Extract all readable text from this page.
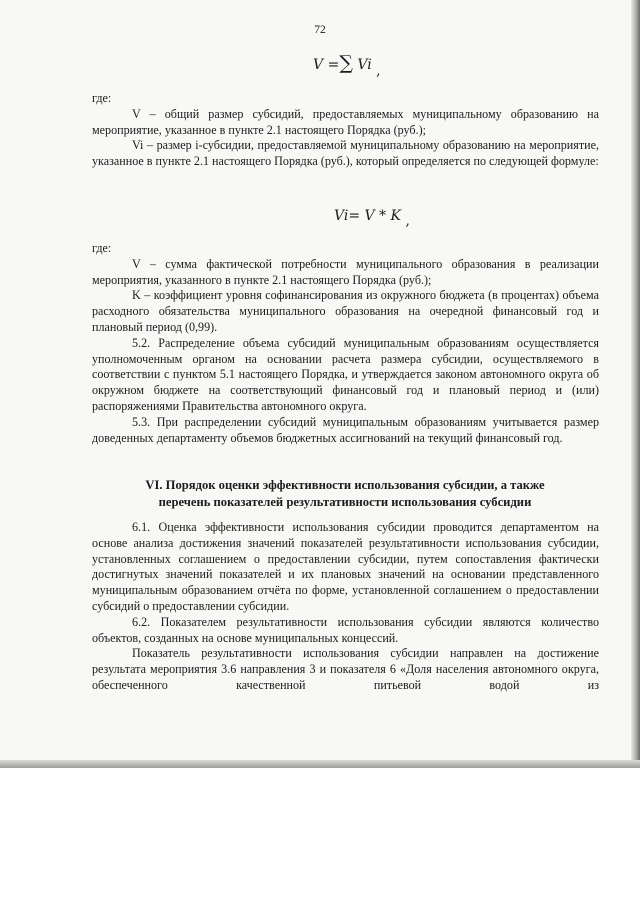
72
V =∑ Vi ,

где:

V – общий размер субсидий, предоставляемых муниципальному образованию на мероприятие, указанное в пункте 2.1 настоящего Порядка (руб.);

Vi – размер i-субсидии, предоставляемой муниципальному образованию на мероприятие, указанное в пункте 2.1 настоящего Порядка (руб.), который определяется по следующей формуле:

Vi= V * K ,

где:

V – сумма фактической потребности муниципального образования в реализации мероприятия, указанного в пункте 2.1 настоящего Порядка (руб.);

K – коэффициент уровня софинансирования из окружного бюджета (в процентах) объема расходного обязательства муниципального образования на очередной финансовый год и плановый период (0,99).

5.2. Распределение объема субсидий муниципальным образованиям осуществляется уполномоченным органом на основании расчета размера субсидии, осуществляемого в соответствии с пунктом 5.1 настоящего Порядка, и утверждается законом автономного округа об окружном бюджете на соответствующий финансовый год и плановый период и (или) распоряжениями Правительства автономного округа.

5.3. При распределении субсидий муниципальным образованиям учитывается размер доведенных департаменту объемов бюджетных ассигнований на текущий финансовый год.

VI. Порядок оценки эффективности использования субсидии, а также
перечень показателей результативности использования субсидии

6.1. Оценка эффективности использования субсидии проводится департаментом на основе анализа достижения значений показателей результативности использования субсидии, установленных соглашением о предоставлении субсидии, путем сопоставления фактически достигнутых значений показателей и их плановых значений на основании представленного муниципальным образованием отчёта по форме, установленной соглашением о предоставлении субсидий о предоставлении субсидии.

6.2. Показателем результативности использования субсидии являются количество объектов, созданных на основе муниципальных концессий.

Показатель результативности использования субсидии направлен на достижение результата мероприятия 3.6 направления 3 и показателя 6 «Доля населения автономного округа, обеспеченного качественной питьевой водой из
